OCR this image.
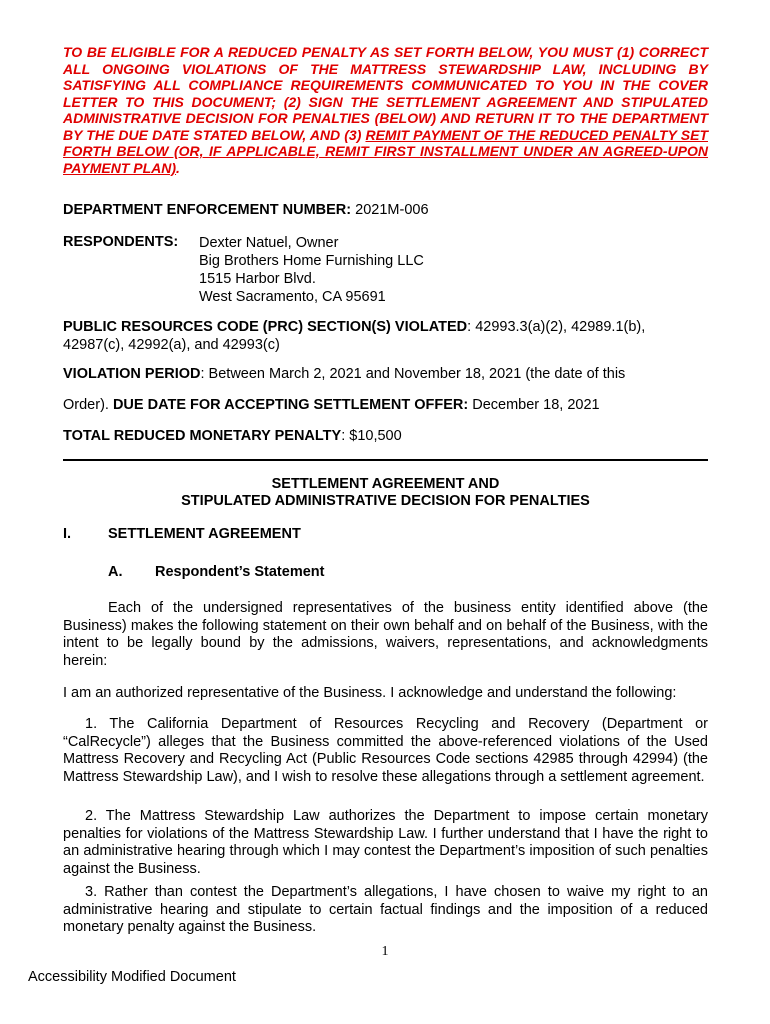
TO BE ELIGIBLE FOR A REDUCED PENALTY AS SET FORTH BELOW, YOU MUST (1) CORRECT ALL ONGOING VIOLATIONS OF THE MATTRESS STEWARDSHIP LAW, INCLUDING BY SATISFYING ALL COMPLIANCE REQUIREMENTS COMMUNICATED TO YOU IN THE COVER LETTER TO THIS DOCUMENT; (2) SIGN THE SETTLEMENT AGREEMENT AND STIPULATED ADMINISTRATIVE DECISION FOR PENALTIES (BELOW) AND RETURN IT TO THE DEPARTMENT BY THE DUE DATE STATED BELOW, AND (3) REMIT PAYMENT OF THE REDUCED PENALTY SET FORTH BELOW (OR, IF APPLICABLE, REMIT FIRST INSTALLMENT UNDER AN AGREED-UPON PAYMENT PLAN).

DEPARTMENT ENFORCEMENT NUMBER: 2021M-006

RESPONDENTS: Dexter Natuel, Owner
Big Brothers Home Furnishing LLC
1515 Harbor Blvd.
West Sacramento, CA 95691

PUBLIC RESOURCES CODE (PRC) SECTION(S) VIOLATED: 42993.3(a)(2), 42989.1(b), 42987(c), 42992(a), and 42993(c)

VIOLATION PERIOD: Between March 2, 2021 and November 18, 2021 (the date of this

Order). DUE DATE FOR ACCEPTING SETTLEMENT OFFER: December 18, 2021

TOTAL REDUCED MONETARY PENALTY: $10,500

SETTLEMENT AGREEMENT AND
STIPULATED ADMINISTRATIVE DECISION FOR PENALTIES
I.	SETTLEMENT AGREEMENT
A. Respondent’s Statement

Each of the undersigned representatives of the business entity identified above (the Business) makes the following statement on their own behalf and on behalf of the Business, with the intent to be legally bound by the admissions, waivers, representations, and acknowledgments herein:

I am an authorized representative of the Business. I acknowledge and understand the following:

1. The California Department of Resources Recycling and Recovery (Department or “CalRecycle”) alleges that the Business committed the above-referenced violations of the Used Mattress Recovery and Recycling Act (Public Resources Code sections 42985 through 42994) (the Mattress Stewardship Law), and I wish to resolve these allegations through a settlement agreement.

2. The Mattress Stewardship Law authorizes the Department to impose certain monetary penalties for violations of the Mattress Stewardship Law. I further understand that I have the right to an administrative hearing through which I may contest the Department’s imposition of such penalties against the Business.

3. Rather than contest the Department’s allegations, I have chosen to waive my right to an administrative hearing and stipulate to certain factual findings and the imposition of a reduced monetary penalty against the Business.

1
Accessibility Modified Document
